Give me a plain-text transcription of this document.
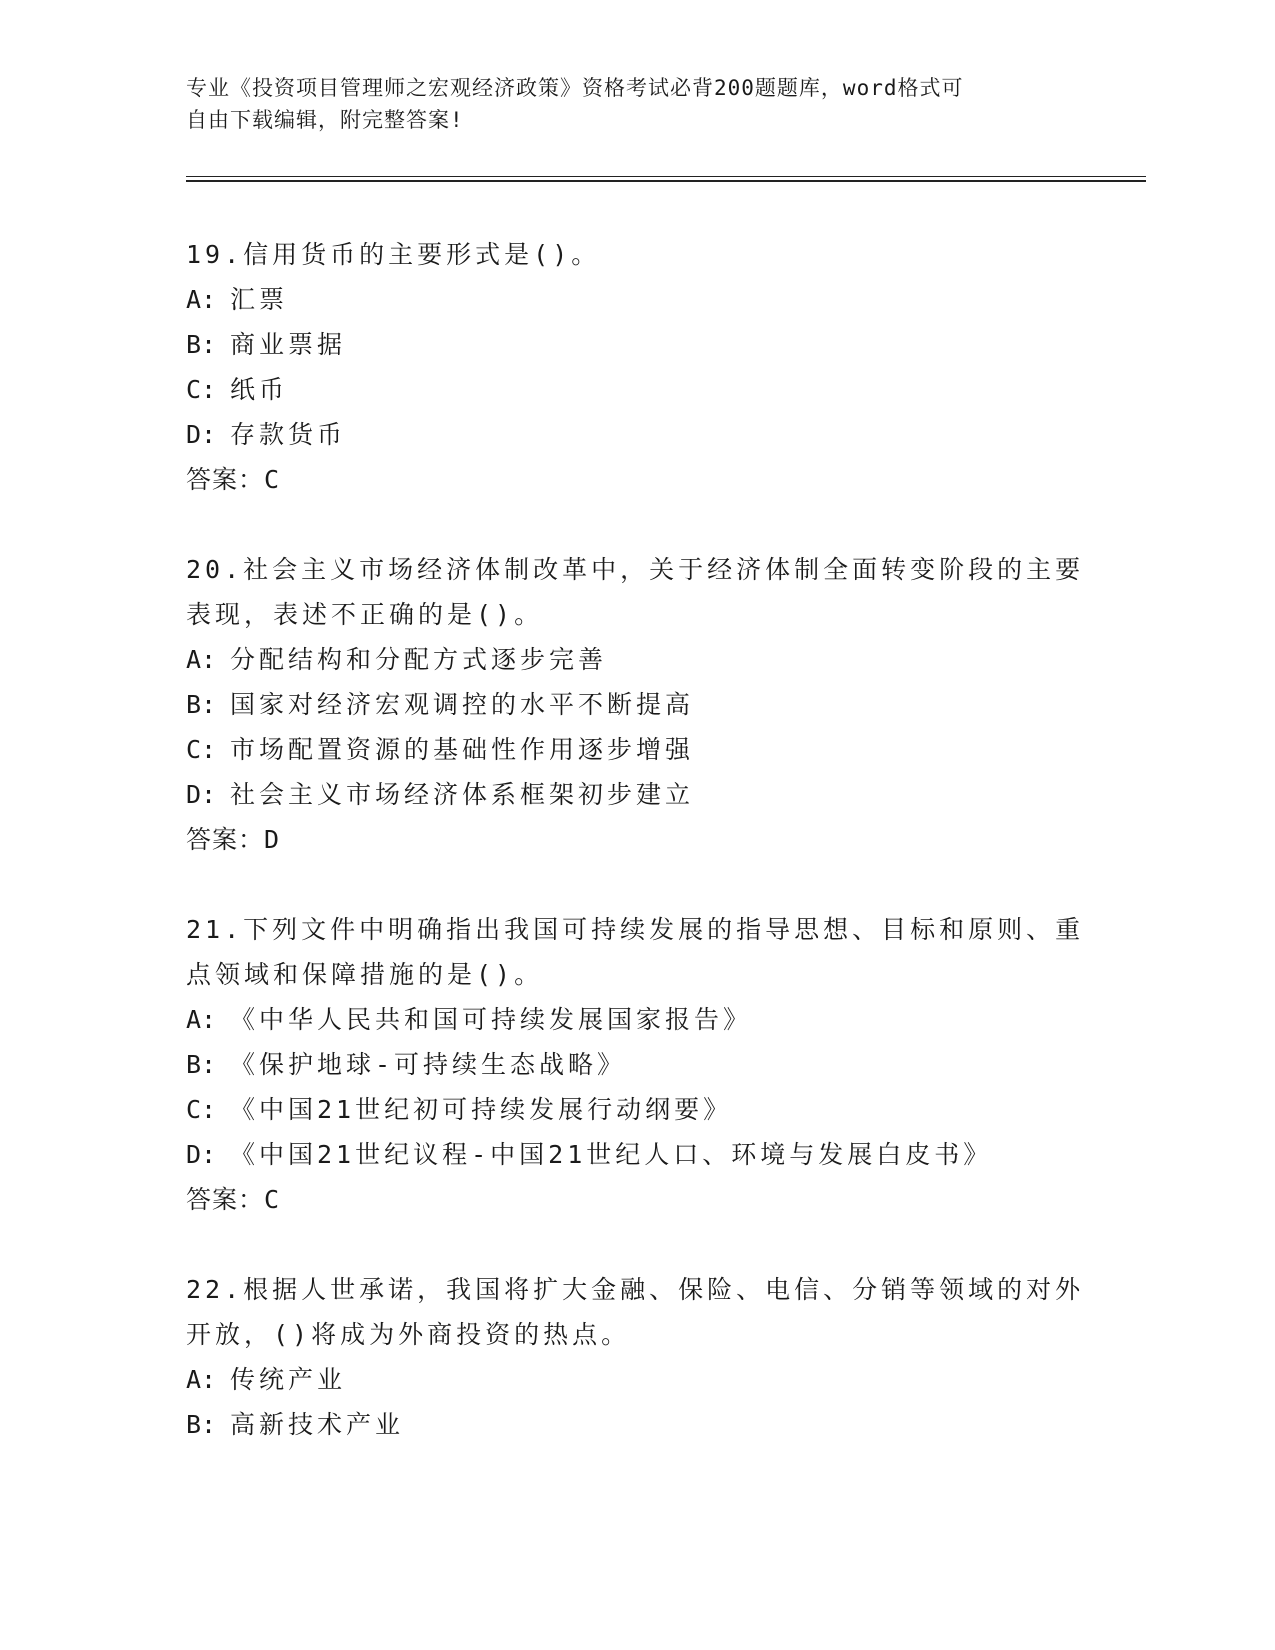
专业《投资项目管理师之宏观经济政策》资格考试必背200题题库，word格式可
自由下载编辑，附完整答案!
19.信用货币的主要形式是()。
A: 汇票
B: 商业票据
C: 纸币
D: 存款货币
答案：C
20.社会主义市场经济体制改革中，关于经济体制全面转变阶段的主要表现，表述不正确的是()。
A: 分配结构和分配方式逐步完善
B: 国家对经济宏观调控的水平不断提高
C: 市场配置资源的基础性作用逐步增强
D: 社会主义市场经济体系框架初步建立
答案：D
21.下列文件中明确指出我国可持续发展的指导思想、目标和原则、重点领域和保障措施的是()。
A: 《中华人民共和国可持续发展国家报告》
B: 《保护地球-可持续生态战略》
C: 《中国21世纪初可持续发展行动纲要》
D: 《中国21世纪议程-中国21世纪人口、环境与发展白皮书》
答案：C
22.根据人世承诺，我国将扩大金融、保险、电信、分销等领域的对外开放，()将成为外商投资的热点。
A: 传统产业
B: 高新技术产业
